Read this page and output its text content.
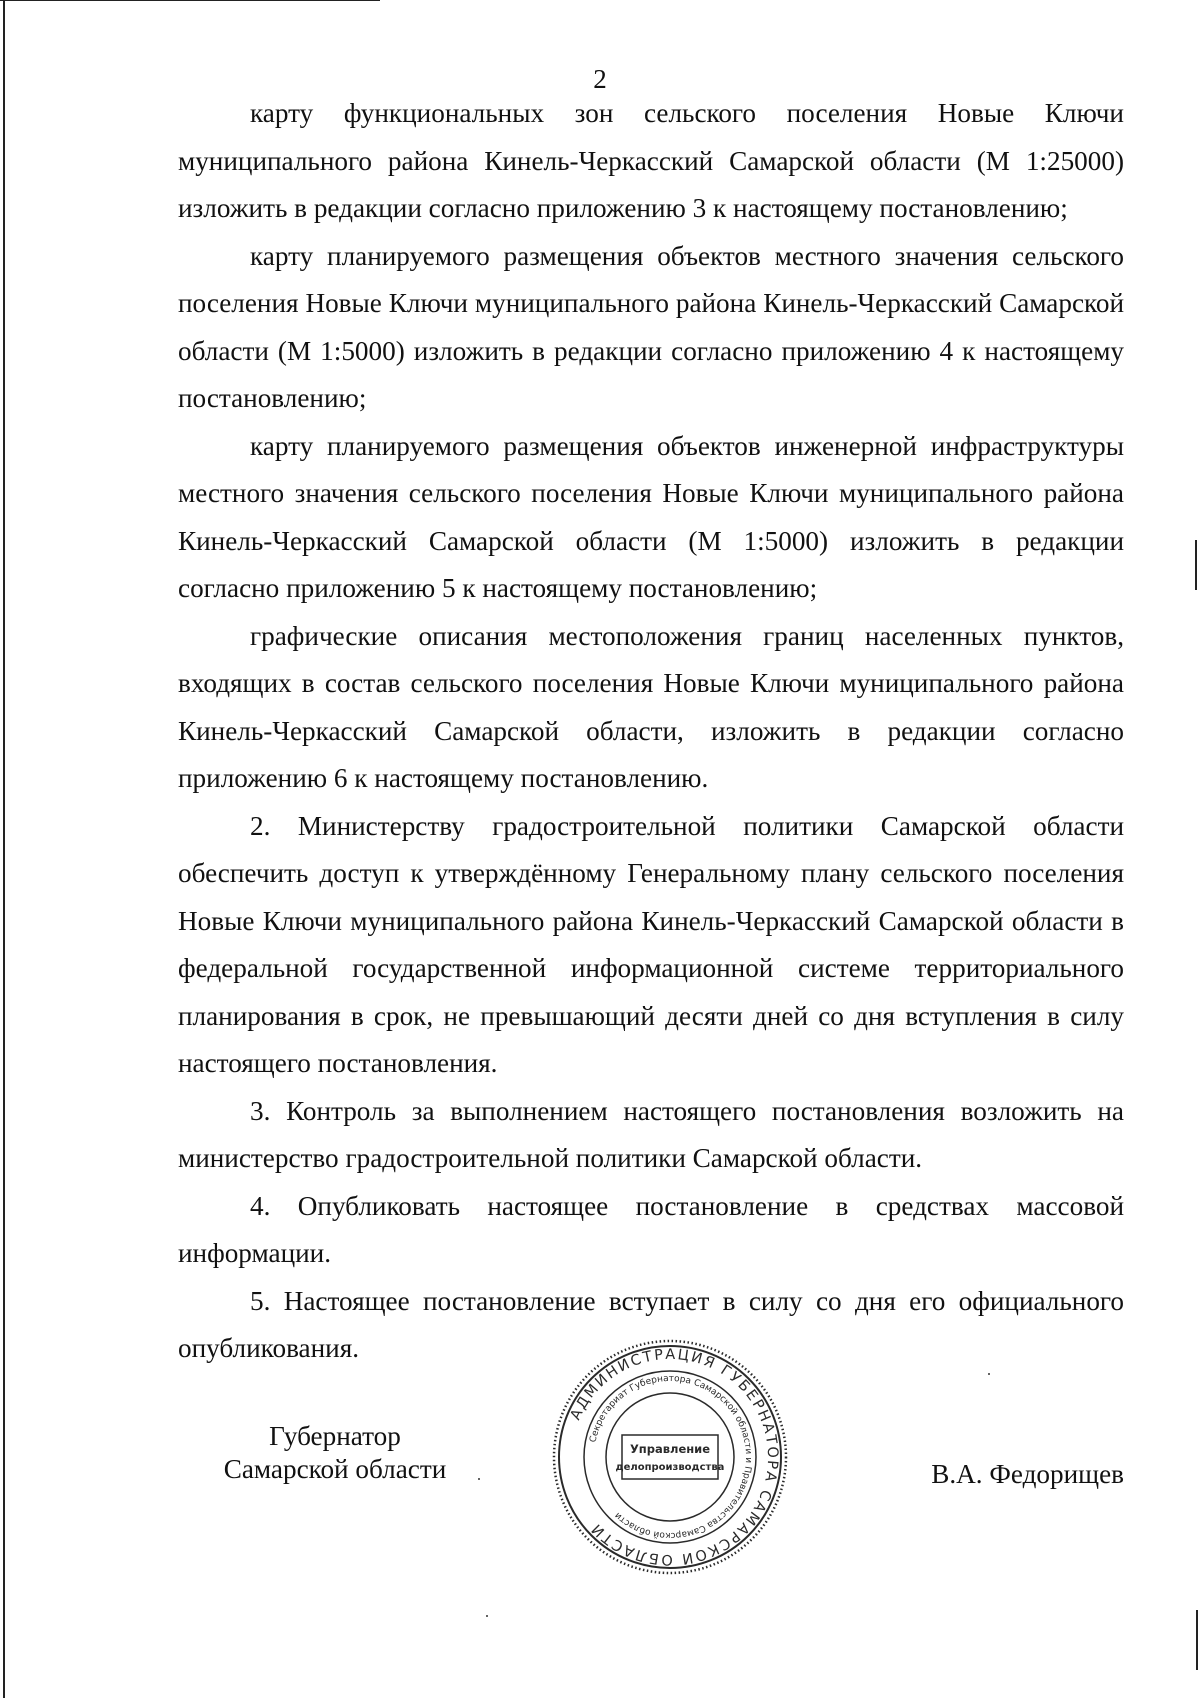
2

карту функциональных зон сельского поселения Новые Ключи муниципального района Кинель-Черкасский Самарской области (М 1:25000) изложить в редакции согласно приложению 3 к настоящему постановлению;

карту планируемого размещения объектов местного значения сельского поселения Новые Ключи муниципального района Кинель-Черкасский Самарской области (М 1:5000) изложить в редакции согласно приложению 4 к настоящему постановлению;

карту планируемого размещения объектов инженерной инфраструктуры местного значения сельского поселения Новые Ключи муниципального района Кинель-Черкасский Самарской области (М 1:5000) изложить в редакции согласно приложению 5 к настоящему постановлению;

графические описания местоположения границ населенных пунктов, входящих в состав сельского поселения Новые Ключи муниципального района Кинель-Черкасский Самарской области, изложить в редакции согласно приложению 6 к настоящему постановлению.

2. Министерству градостроительной политики Самарской области обеспечить доступ к утверждённому Генеральному плану сельского поселения Новые Ключи муниципального района Кинель-Черкасский Самарской области в федеральной государственной информационной системе территориального планирования в срок, не превышающий десяти дней со дня вступления в силу настоящего постановления.

3. Контроль за выполнением настоящего постановления возложить на министерство градостроительной политики Самарской области.

4. Опубликовать настоящее постановление в средствах массовой информации.

5. Настоящее постановление вступает в силу со дня его официального опубликования.

Губернатор
Самарской области
АДМИНИСТРАЦИЯ ГУБЕРНАТОРА САМАРСКОЙ ОБЛАСТИ
Секретариат Губернатора Самарской области и Правительства Самарской области
Управление
делопроизводства	В.А. Федорищев
